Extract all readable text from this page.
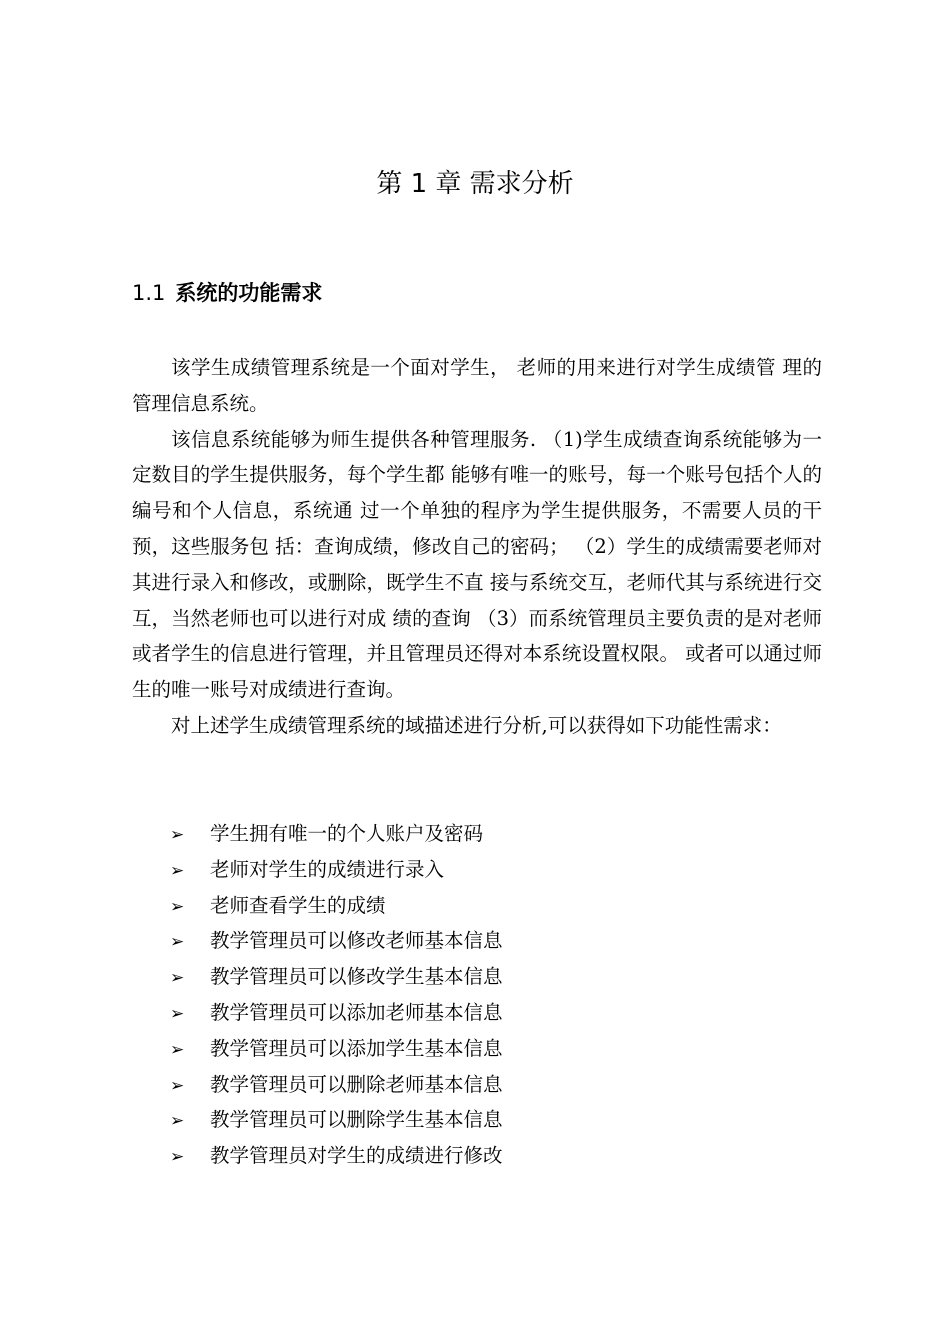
第 1 章 需求分析
1.1 系统的功能需求

该学生成绩管理系统是一个面对学生， 老师的用来进行对学生成绩管 理的管理信息系统。

该信息系统能够为师生提供各种管理服务. （1)学生成绩查询系统能够为一定数目的学生提供服务，每个学生都 能够有唯一的账号，每一个账号包括个人的编号和个人信息，系统通 过一个单独的程序为学生提供服务，不需要人员的干预，这些服务包 括：查询成绩，修改自己的密码； （2）学生的成绩需要老师对其进行录入和修改，或删除，既学生不直 接与系统交互，老师代其与系统进行交互，当然老师也可以进行对成 绩的查询 （3）而系统管理员主要负责的是对老师或者学生的信息进行管理，并且管理员还得对本系统设置权限。 或者可以通过师生的唯一账号对成绩进行查询。

对上述学生成绩管理系统的域描述进行分析,可以获得如下功能性需求：

➢ 学生拥有唯一的个人账户及密码
➢ 老师对学生的成绩进行录入
➢ 老师查看学生的成绩
➢ 教学管理员可以修改老师基本信息
➢ 教学管理员可以修改学生基本信息
➢ 教学管理员可以添加老师基本信息
➢ 教学管理员可以添加学生基本信息
➢ 教学管理员可以删除老师基本信息
➢ 教学管理员可以删除学生基本信息
➢ 教学管理员对学生的成绩进行修改
